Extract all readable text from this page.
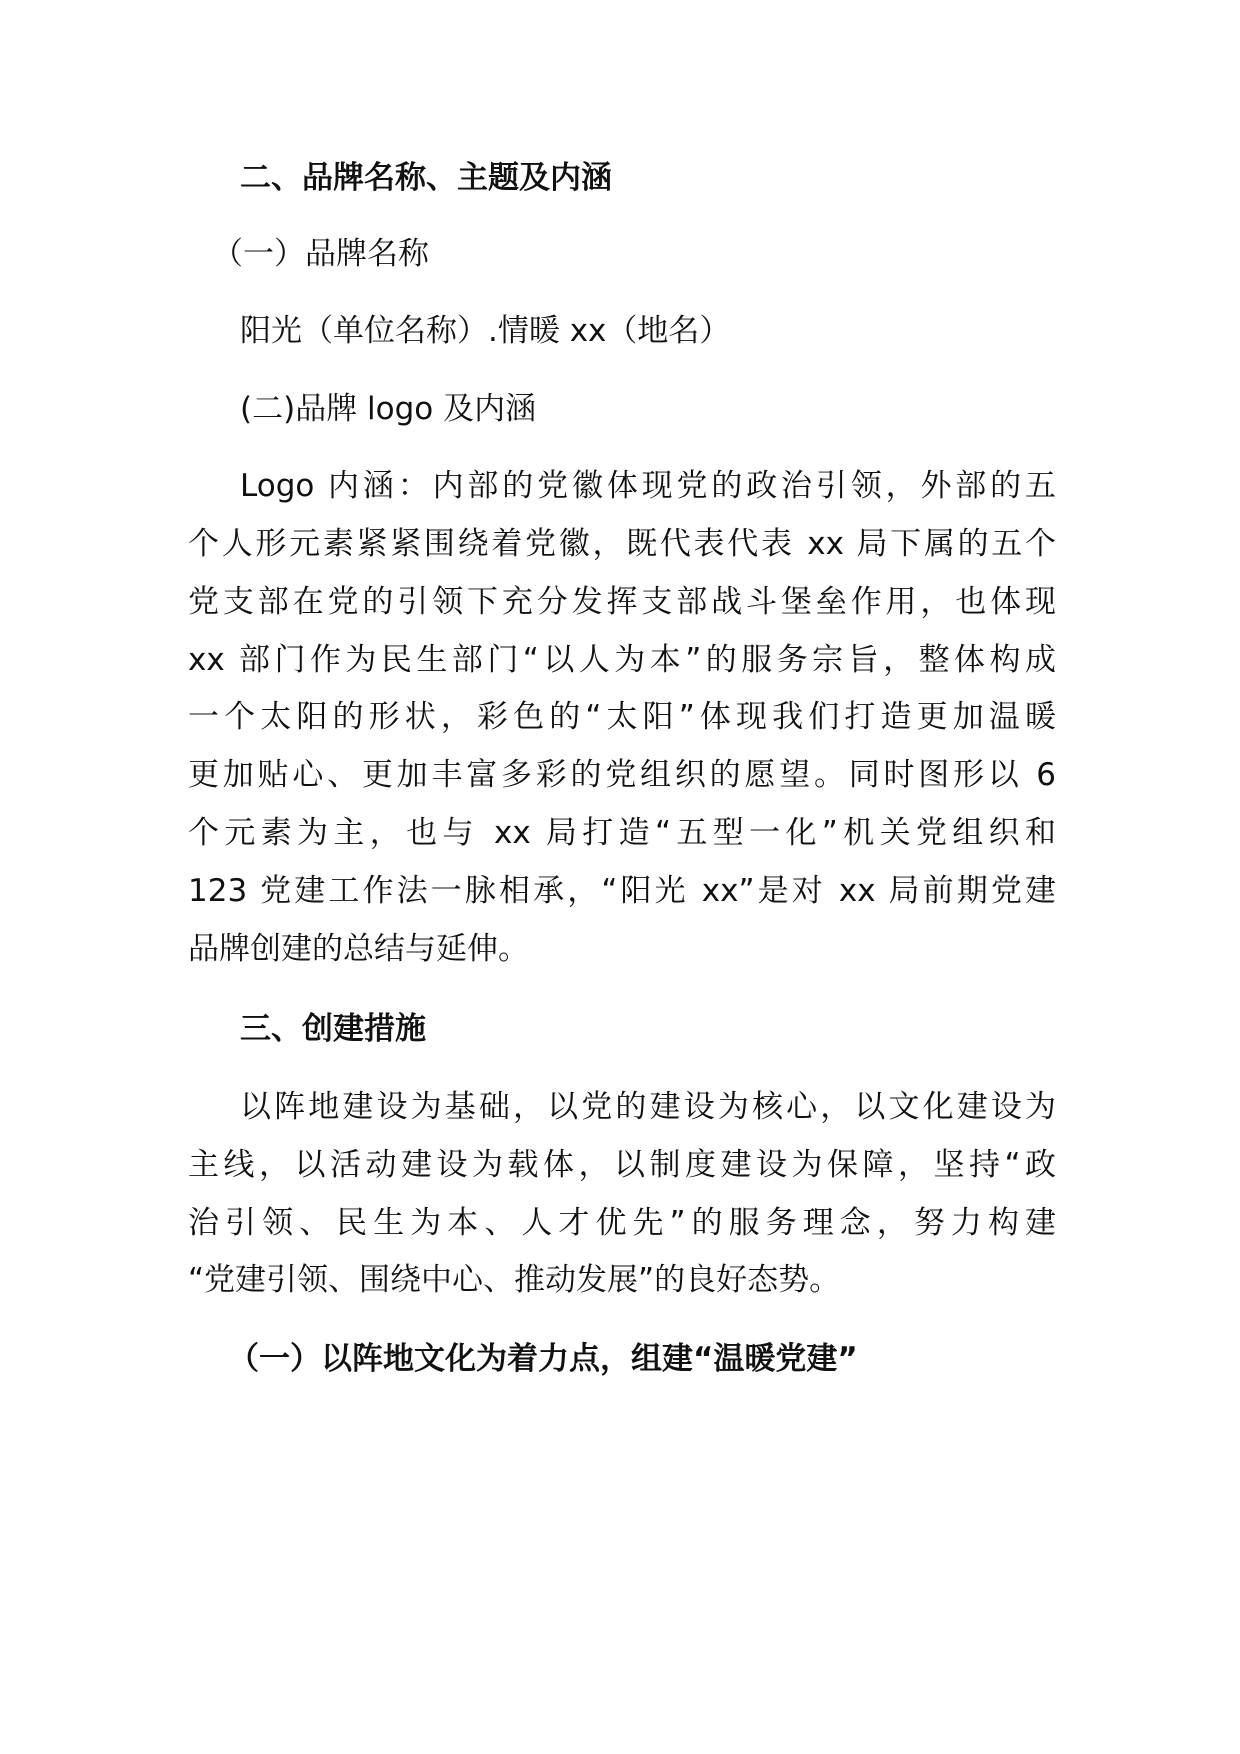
二、品牌名称、主题及内涵
（一）品牌名称
阳光（单位名称）.情暖 xx（地名）
(二)品牌 logo 及内涵
Logo 内涵：内部的党徽体现党的政治引领，外部的五
个人形元素紧紧围绕着党徽，既代表代表 xx 局下属的五个
党支部在党的引领下充分发挥支部战斗堡垒作用，也体现
xx 部门作为民生部门“以人为本”的服务宗旨，整体构成
一个太阳的形状，彩色的“太阳”体现我们打造更加温暖
更加贴心、更加丰富多彩的党组织的愿望。同时图形以 6
个元素为主，也与 xx 局打造“五型一化”机关党组织和
123 党建工作法一脉相承，“阳光 xx”是对 xx 局前期党建
品牌创建的总结与延伸。
三、创建措施
以阵地建设为基础，以党的建设为核心，以文化建设为
主线，以活动建设为载体，以制度建设为保障，坚持“政
治引领、民生为本、人才优先”的服务理念，努力构建
“党建引领、围绕中心、推动发展”的良好态势。
（一）以阵地文化为着力点，组建“温暖党建”
